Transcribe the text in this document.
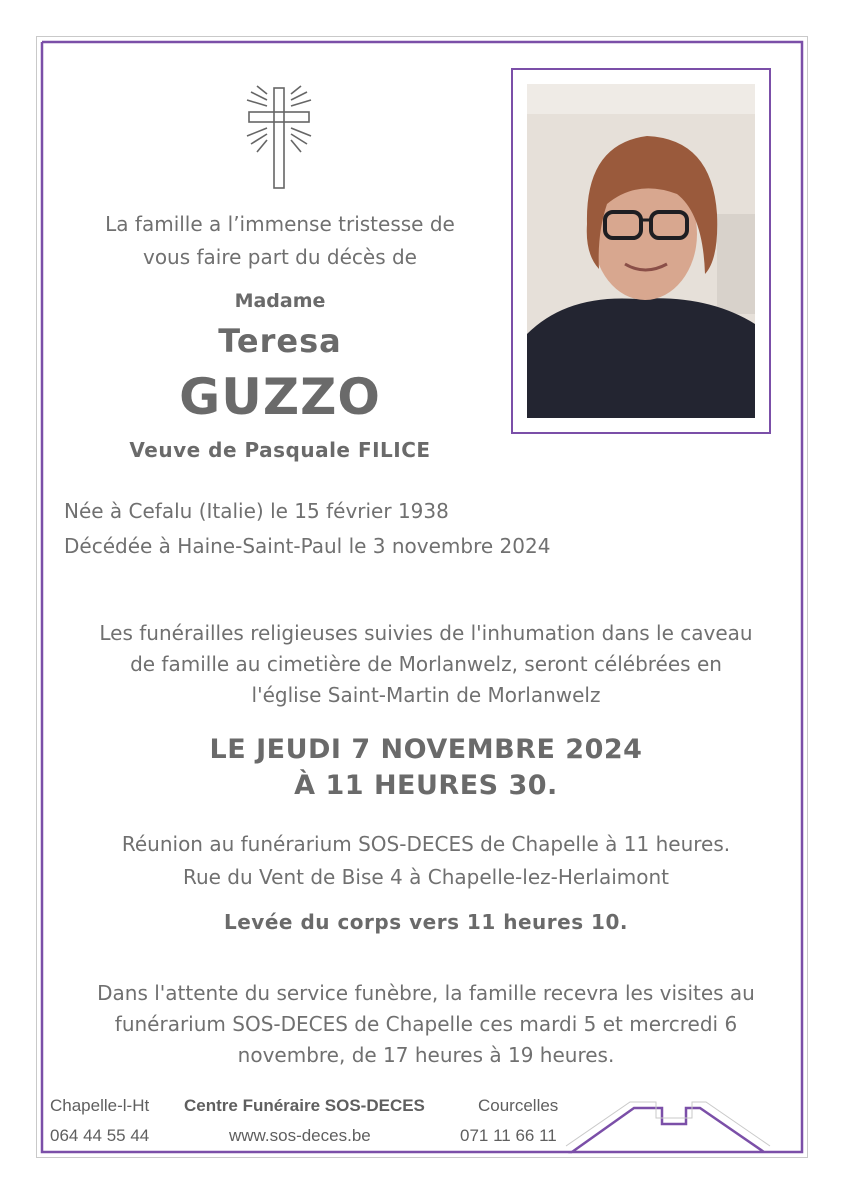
La famille a l’immense tristesse de
vous faire part du décès de
Madame
Teresa
GUZZO
Veuve de Pasquale FILICE
Née à Cefalu (Italie) le 15 février 1938
Décédée à Haine-Saint-Paul le 3 novembre 2024
Les funérailles religieuses suivies de l'inhumation dans le caveau
de famille au cimetière de Morlanwelz, seront célébrées en
l'église Saint-Martin de Morlanwelz
LE JEUDI 7 NOVEMBRE 2024
À 11 HEURES 30.
Réunion au funérarium SOS-DECES de Chapelle à 11 heures.
Rue du Vent de Bise 4 à Chapelle-lez-Herlaimont
Levée du corps vers 11 heures 10.
Dans l'attente du service funèbre, la famille recevra les visites au
funérarium SOS-DECES de Chapelle ces mardi 5 et mercredi 6
novembre, de 17 heures à 19 heures.
Chapelle-l-Ht
064 44 55 44
Centre Funéraire SOS-DECES
www.sos-deces.be
Courcelles
071 11 66 11
